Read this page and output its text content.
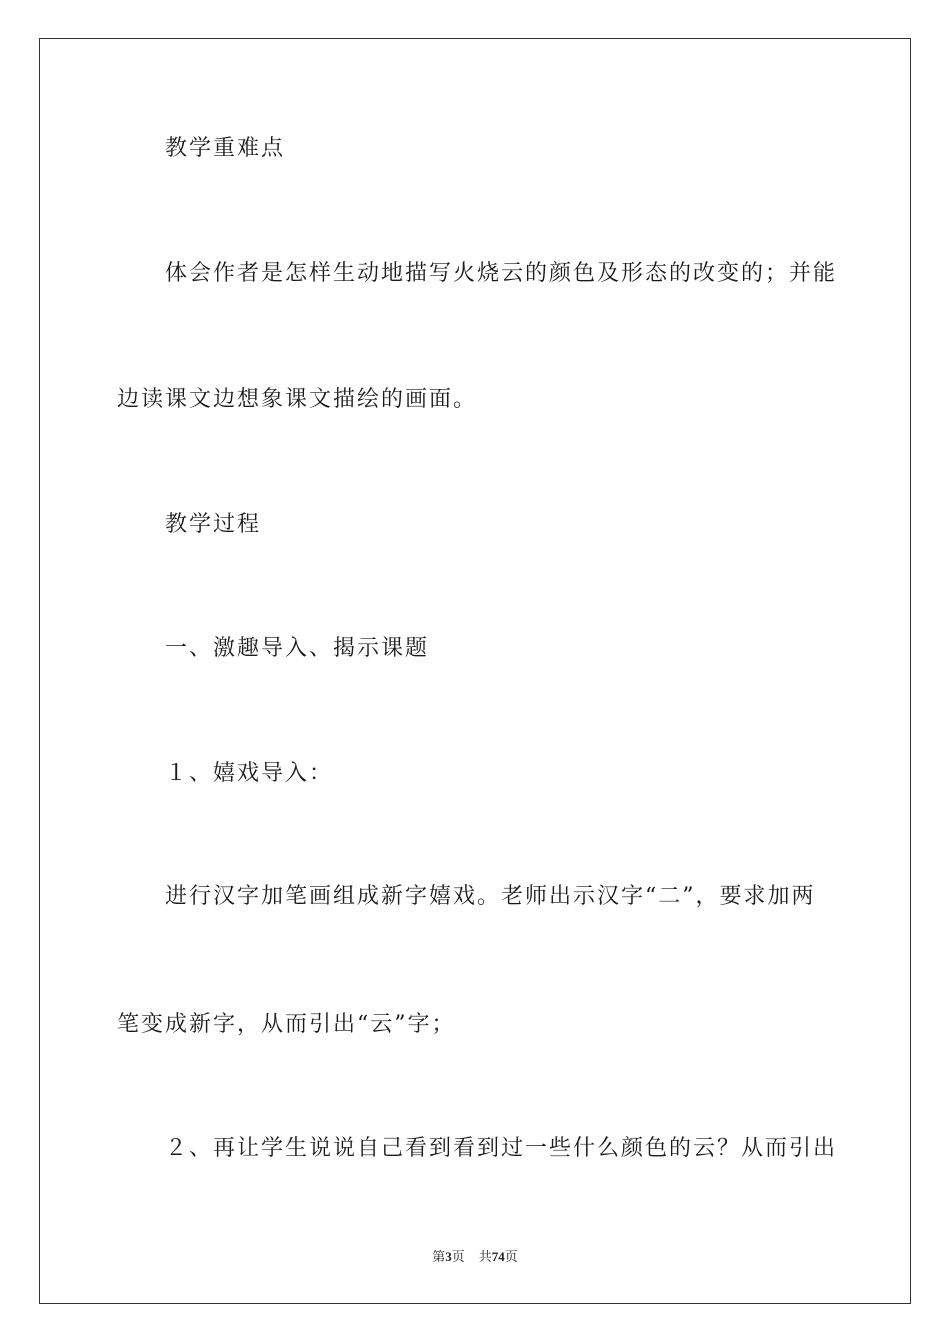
教学重难点
体会作者是怎样生动地描写火烧云的颜色及形态的改变的；并能
边读课文边想象课文描绘的画面。
教学过程
一、激趣导入、揭示课题
１、嬉戏导入：
进行汉字加笔画组成新字嬉戏。老师出示汉字“二”，要求加两
笔变成新字，从而引出“云”字；
２、再让学生说说自己看到看到过一些什么颜色的云？从而引出
第3页 共74页
